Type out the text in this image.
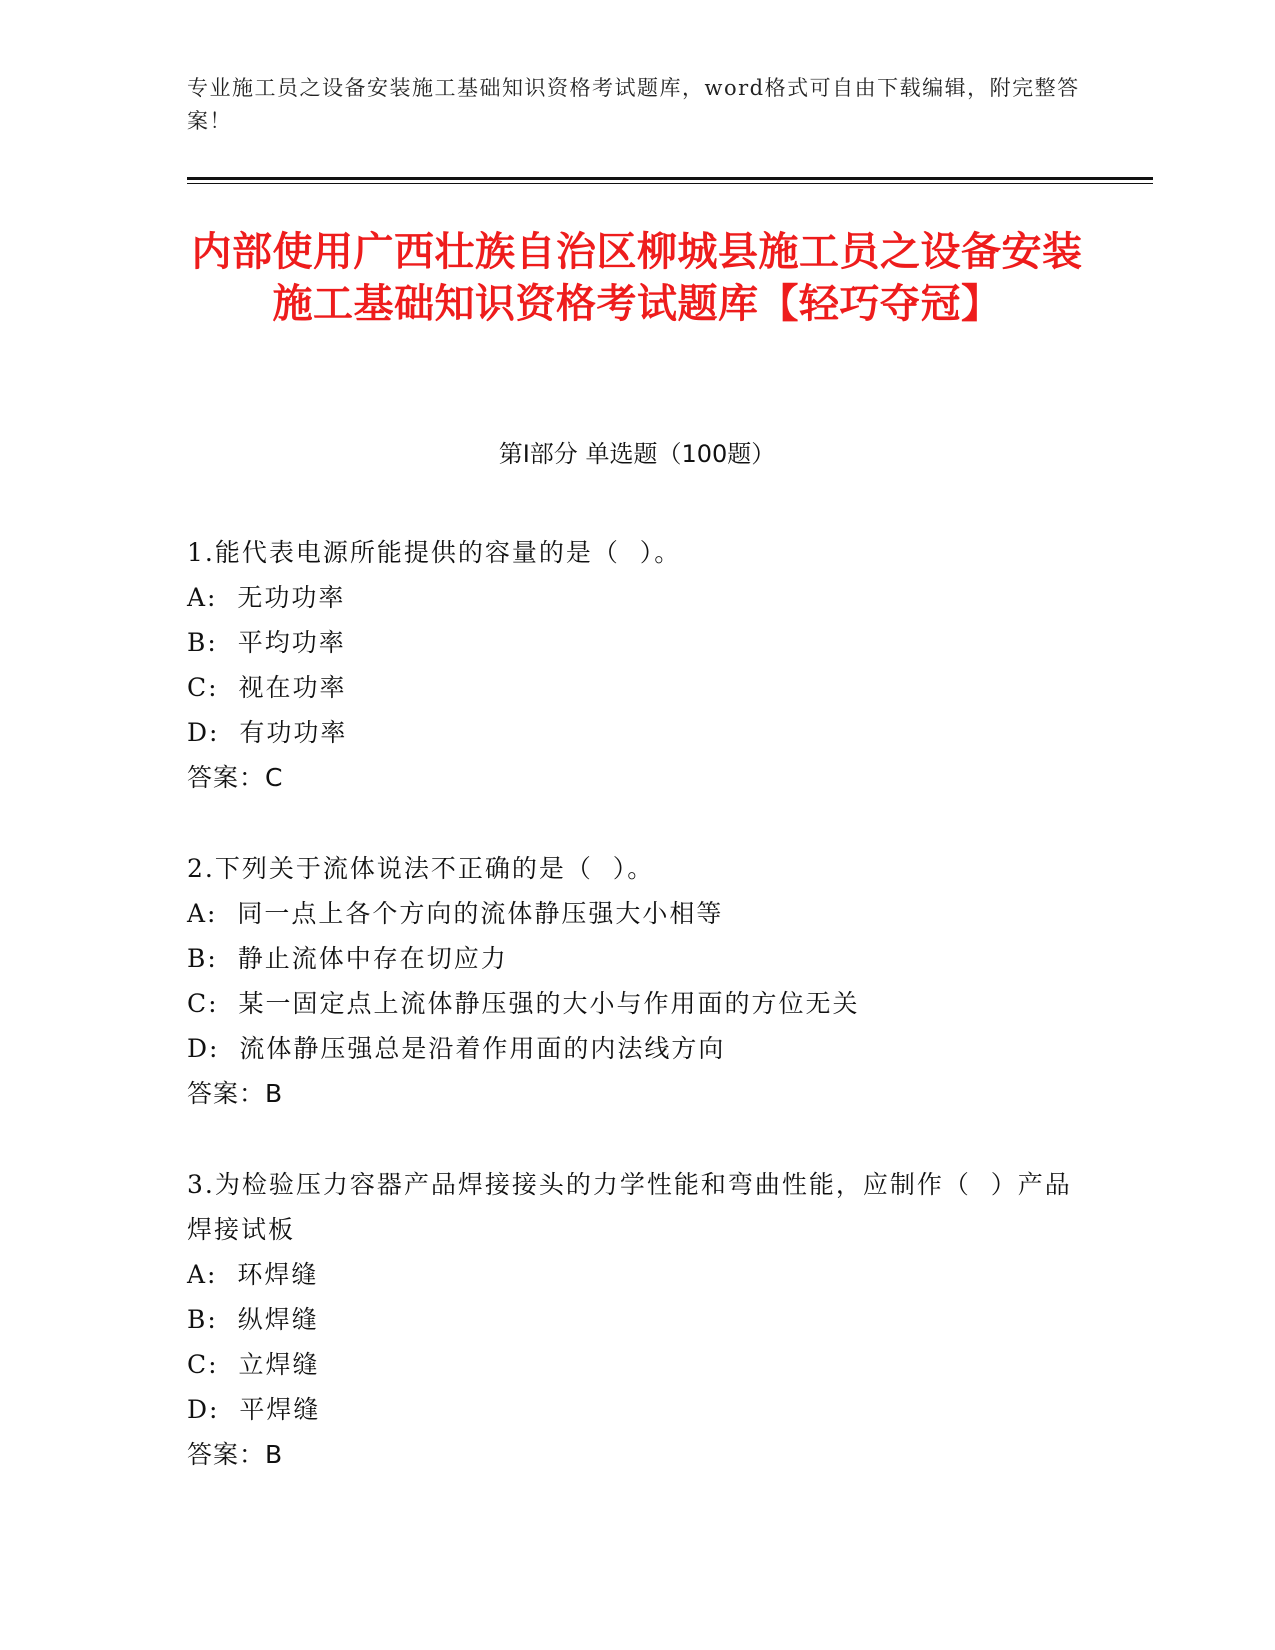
专业施工员之设备安装施工基础知识资格考试题库，word格式可自由下载编辑，附完整答案！
内部使用广西壮族自治区柳城县施工员之设备安装施工基础知识资格考试题库【轻巧夺冠】
第I部分 单选题（100题）
1.能代表电源所能提供的容量的是（  ）。
A: 无功功率
B: 平均功率
C: 视在功率
D: 有功功率
答案：C
2.下列关于流体说法不正确的是（  ）。
A: 同一点上各个方向的流体静压强大小相等
B: 静止流体中存在切应力
C: 某一固定点上流体静压强的大小与作用面的方位无关
D: 流体静压强总是沿着作用面的内法线方向
答案：B
3.为检验压力容器产品焊接接头的力学性能和弯曲性能，应制作（  ）产品焊接试板
A: 环焊缝
B: 纵焊缝
C: 立焊缝
D: 平焊缝
答案：B
